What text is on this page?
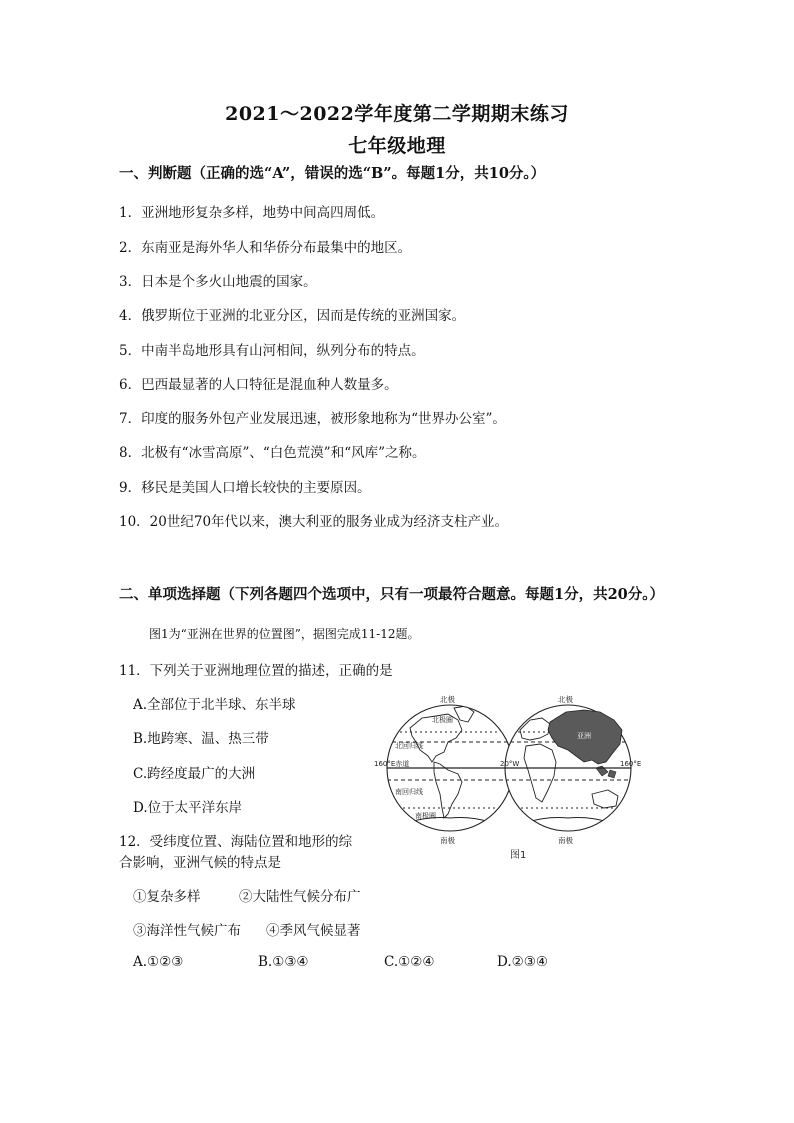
2021～2022学年度第二学期期末练习
七年级地理
一、判断题（正确的选“A”，错误的选“B”。每题1分，共10分。）
1．亚洲地形复杂多样，地势中间高四周低。
2．东南亚是海外华人和华侨分布最集中的地区。
3．日本是个多火山地震的国家。
4．俄罗斯位于亚洲的北亚分区，因而是传统的亚洲国家。
5．中南半岛地形具有山河相间，纵列分布的特点。
6．巴西最显著的人口特征是混血种人数量多。
7．印度的服务外包产业发展迅速，被形象地称为“世界办公室”。
8．北极有“冰雪高原”、“白色荒漠”和“风库”之称。
9．移民是美国人口增长较快的主要原因。
10．20世纪70年代以来，澳大利亚的服务业成为经济支柱产业。
二、单项选择题（下列各题四个选项中，只有一项最符合题意。每题1分，共20分。）
图1为“亚洲在世界的位置图”，据图完成11-12题。
11．下列关于亚洲地理位置的描述，正确的是
A.全部位于北半球、东半球
B.地跨寒、温、热三带
C.跨经度最广的大洲
D.位于太平洋东岸
12．受纬度位置、海陆位置和地形的综
合影响，亚洲气候的特点是
①复杂多样	②大陆性气候分布广
③海洋性气候广布 ④季风气候显著
A.①②③	B.①③④	C.①②④	D.②③④
亚洲
北极	北极
北极圈
北回归线
160°E赤道	20°W	160°E
南回归线
南极圈
南极	南极
图1
